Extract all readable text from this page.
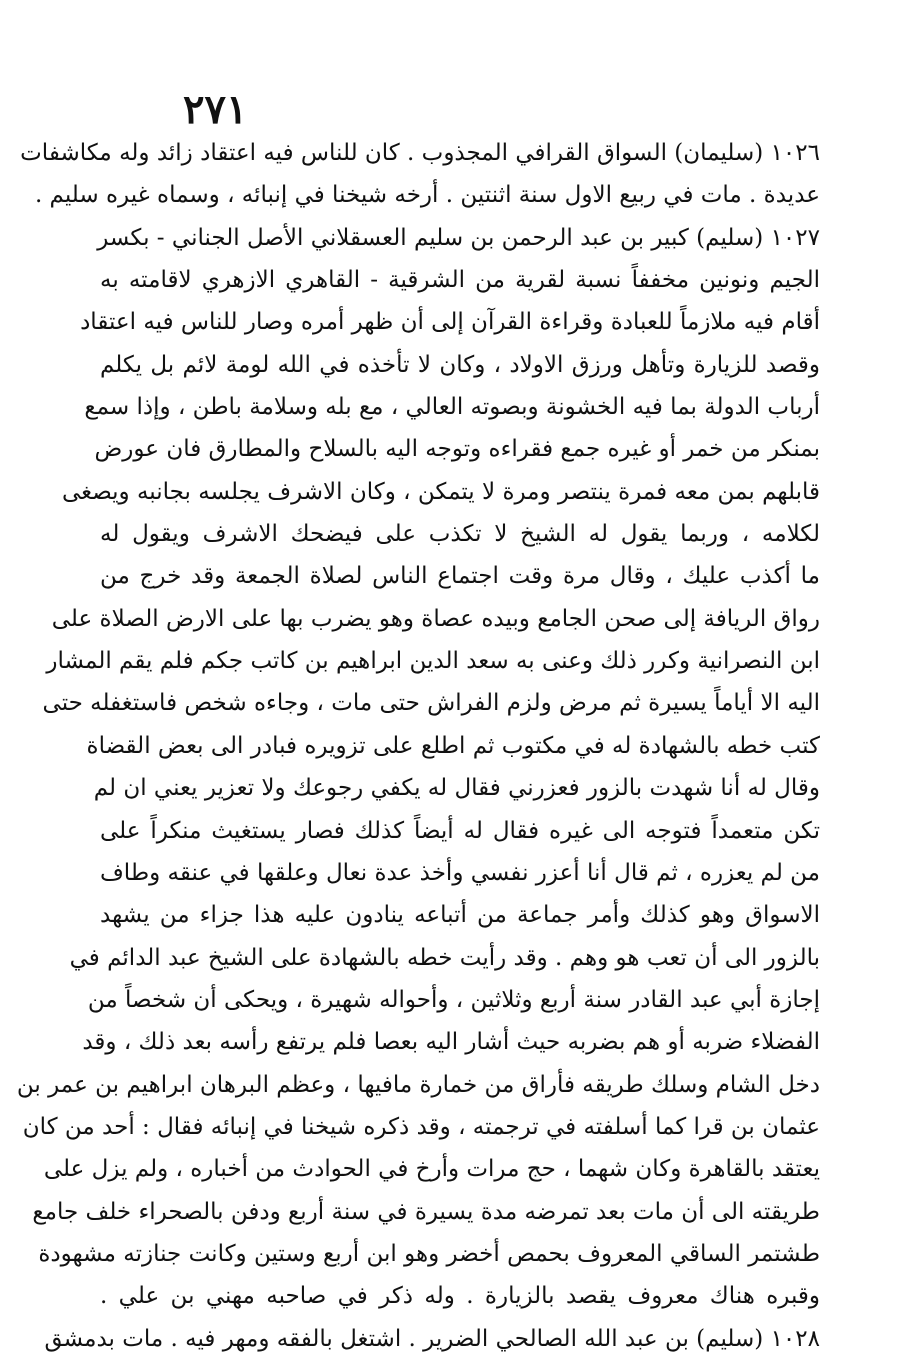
٢٧١
١٠٢٦ (سليمان) السواق القرافي المجذوب . كان للناس فيه اعتقاد زائد وله مكاشفات
عديدة . مات في ربيع الاول سنة اثنتين . أرخه شيخنا في إنبائه ، وسماه غيره سليم .
١٠٢٧ (سليم) كبير بن عبد الرحمن بن سليم العسقلاني الأصل الجناني - بكسر
الجيم ونونين مخففاً نسبة لقرية من الشرقية - القاهري الازهري لاقامته به
أقام فيه ملازماً للعبادة وقراءة القرآن إلى أن ظهر أمره وصار للناس فيه اعتقاد
وقصد للزيارة وتأهل ورزق الاولاد ، وكان لا تأخذه في الله لومة لائم بل يكلم
أرباب الدولة بما فيه الخشونة وبصوته العالي ، مع بله وسلامة باطن ، وإذا سمع
بمنكر من خمر أو غيره جمع فقراءه وتوجه اليه بالسلاح والمطارق فان عورض
قابلهم بمن معه فمرة ينتصر ومرة لا يتمكن ، وكان الاشرف يجلسه بجانبه ويصغى
لكلامه ، وربما يقول له الشيخ لا تكذب على فيضحك الاشرف ويقول له
ما أكذب عليك ، وقال مرة وقت اجتماع الناس لصلاة الجمعة وقد خرج من
رواق الريافة إلى صحن الجامع وبيده عصاة وهو يضرب بها على الارض الصلاة على
ابن النصرانية وكرر ذلك وعنى به سعد الدين ابراهيم بن كاتب جكم فلم يقم المشار
اليه الا أياماً يسيرة ثم مرض ولزم الفراش حتى مات ، وجاءه شخص فاستغفله حتى
كتب خطه بالشهادة له في مكتوب ثم اطلع على تزويره فبادر الى بعض القضاة
وقال له أنا شهدت بالزور فعزرني فقال له يكفي رجوعك ولا تعزير يعني ان لم
تكن متعمداً فتوجه الى غيره فقال له أيضاً كذلك فصار يستغيث منكراً على
من لم يعزره ، ثم قال أنا أعزر نفسي وأخذ عدة نعال وعلقها في عنقه وطاف
الاسواق وهو كذلك وأمر جماعة من أتباعه ينادون عليه هذا جزاء من يشهد
بالزور الى أن تعب هو وهم . وقد رأيت خطه بالشهادة على الشيخ عبد الدائم في
إجازة أبي عبد القادر سنة أربع وثلاثين ، وأحواله شهيرة ، ويحكى أن شخصاً من
الفضلاء ضربه أو هم بضربه حيث أشار اليه بعصا فلم يرتفع رأسه بعد ذلك ، وقد
دخل الشام وسلك طريقه فأراق من خمارة مافيها ، وعظم البرهان ابراهيم بن عمر بن
عثمان بن قرا كما أسلفته في ترجمته ، وقد ذكره شيخنا في إنبائه فقال : أحد من كان
يعتقد بالقاهرة وكان شهما ، حج مرات وأرخ في الحوادث من أخباره ، ولم يزل على
طريقته الى أن مات بعد تمرضه مدة يسيرة في سنة أربع ودفن بالصحراء خلف جامع
طشتمر الساقي المعروف بحمص أخضر وهو ابن أربع وستين وكانت جنازته مشهودة
وقبره هناك معروف يقصد بالزيارة . وله ذكر في صاحبه مهني بن علي .
١٠٢٨ (سليم) بن عبد الله الصالحي الضرير . اشتغل بالفقه ومهر فيه . مات بدمشق
